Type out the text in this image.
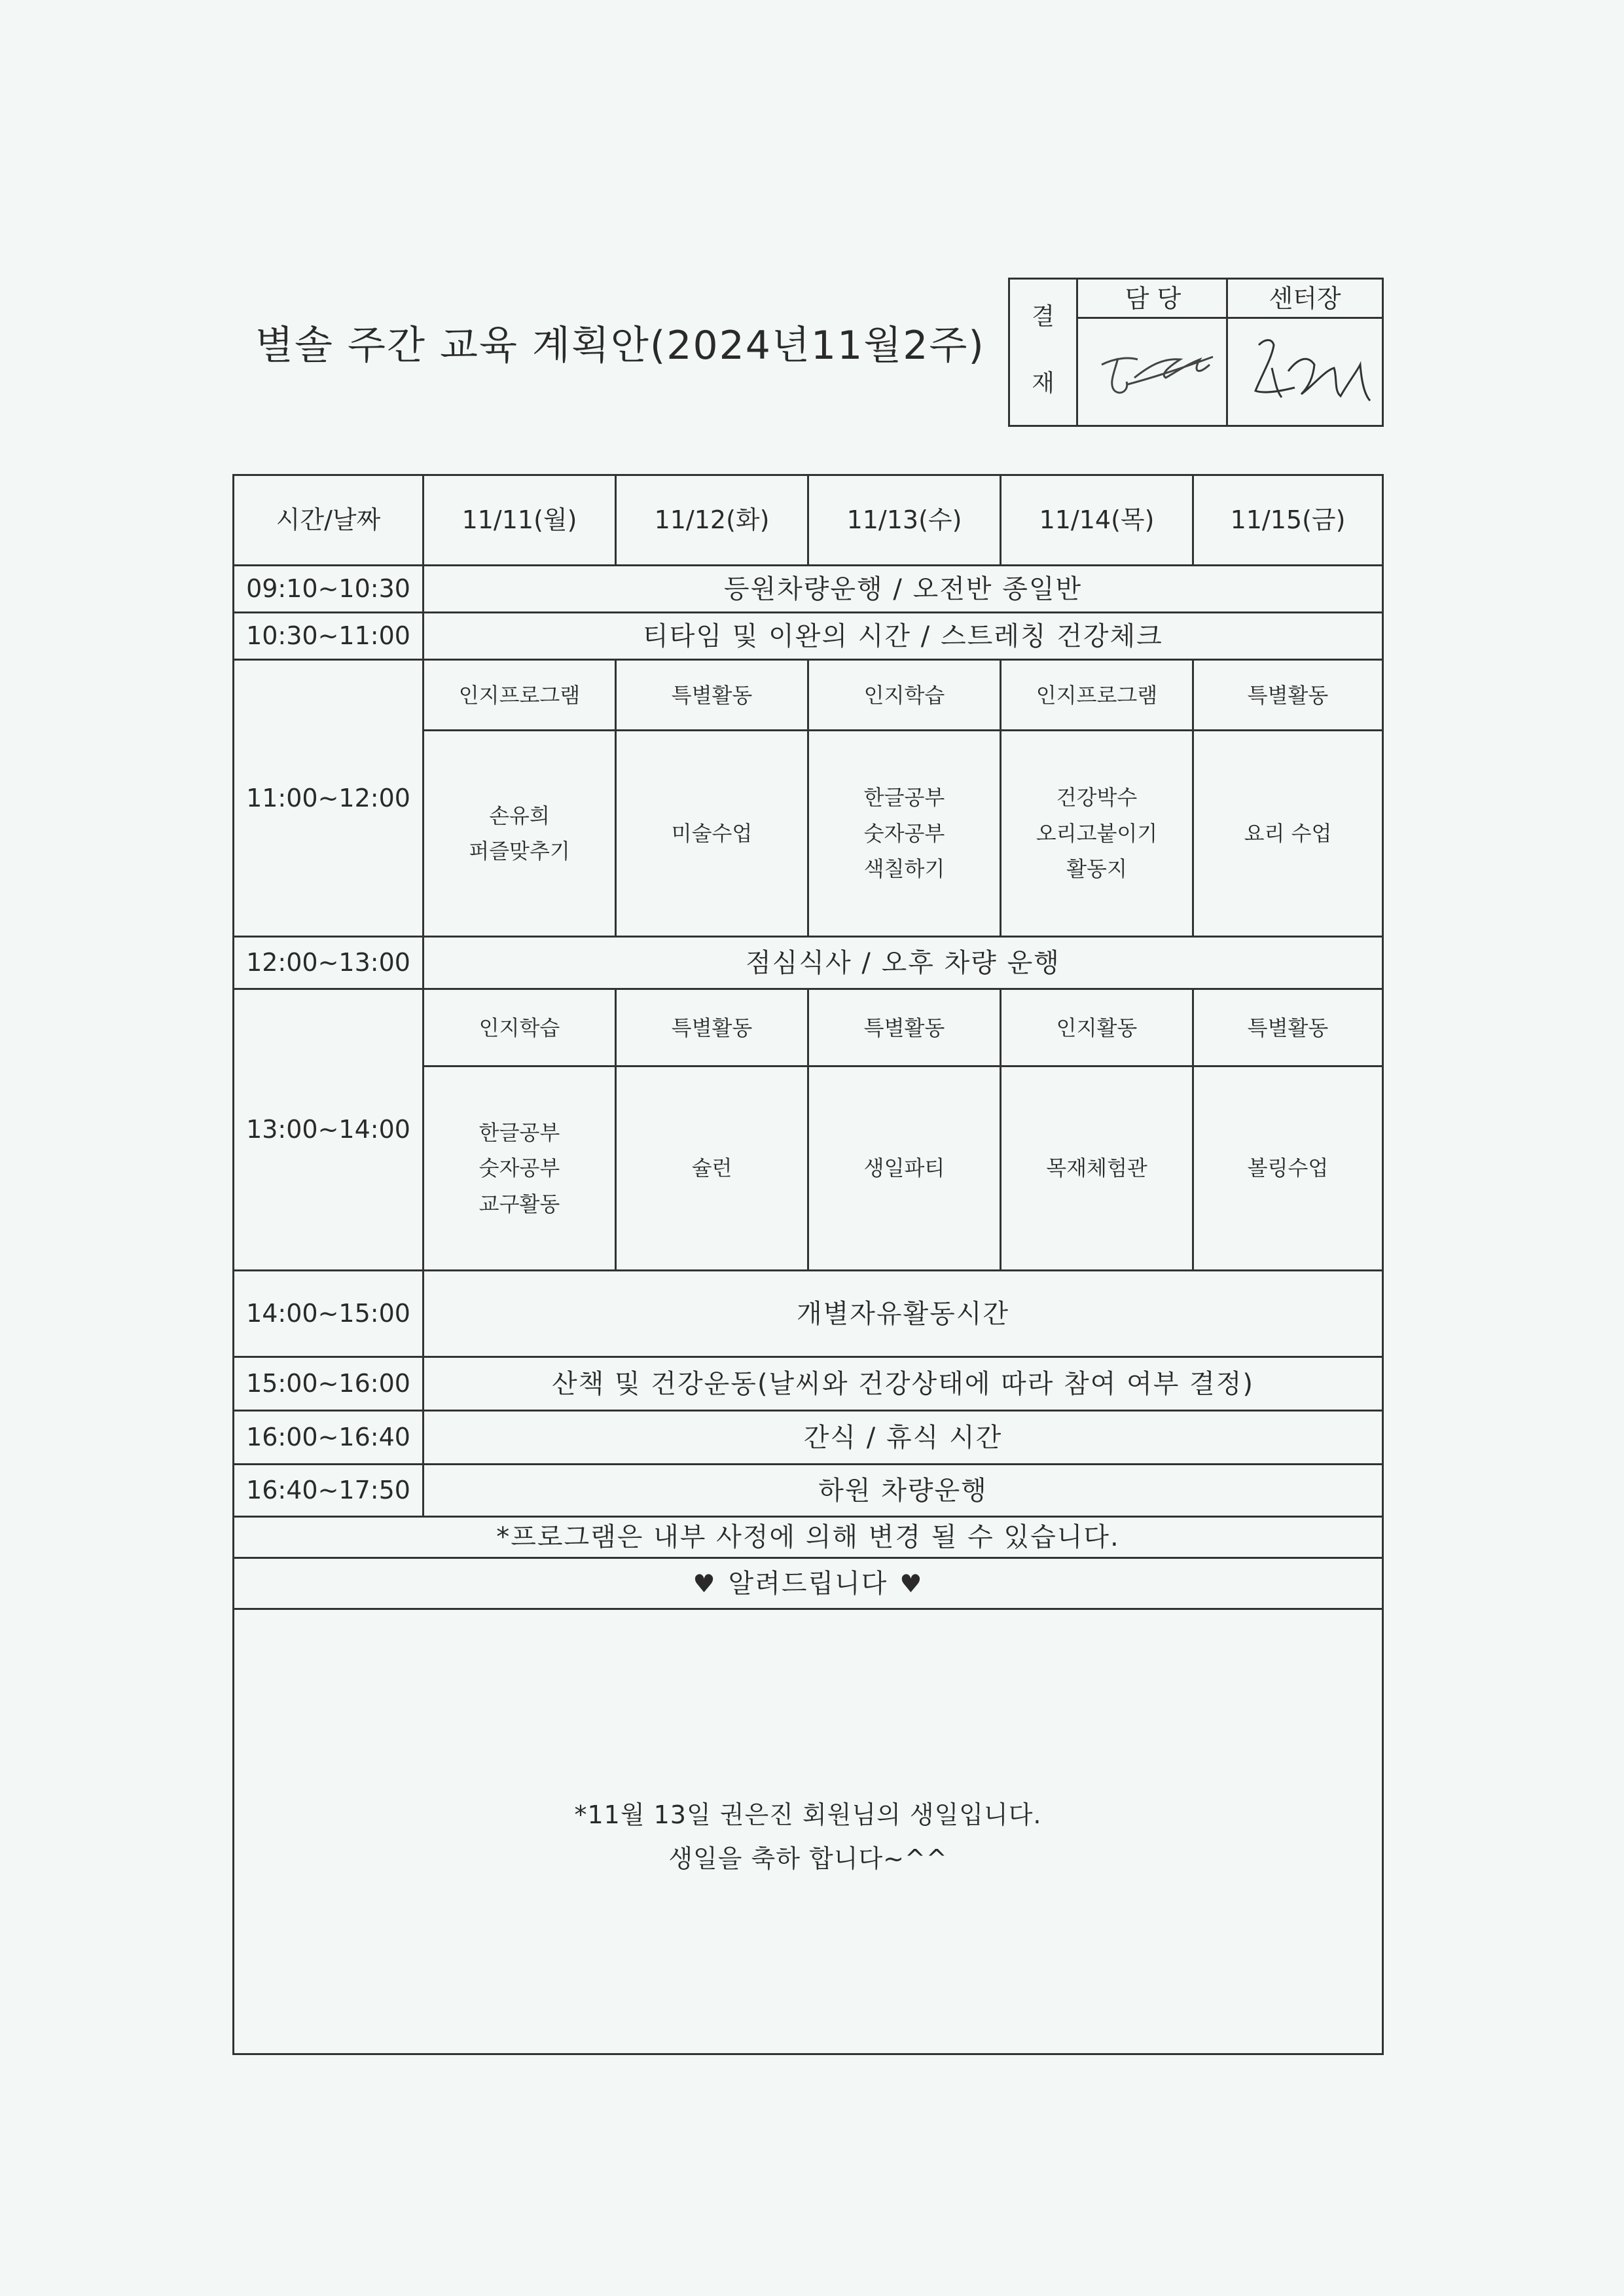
별솔 주간 교육 계획안(2024년11월2주)
결
재
담 당	센터장
시간/날짜	11/11(월)	11/12(화)	11/13(수)	11/14(목)	11/15(금)
09:10~10:30	등원차량운행 / 오전반 종일반				
10:30~11:00	티타임 및 이완의 시간 / 스트레칭 건강체크				
11:00~12:00	인지프로그램	특별활동	인지학습	인지프로그램	특별활동

	손유희
퍼즐맞추기	미술수업	한글공부
숫자공부
색칠하기	건강박수
오리고붙이기
활동지	요리 수업

12:00~13:00	점심식사 / 오후 차량 운행				
13:00~14:00	인지학습	특별활동	특별활동	인지활동	특별활동

	한글공부
숫자공부
교구활동	슐런	생일파티	목재체험관	볼링수업

14:00~15:00	개별자유활동시간				
15:00~16:00	산책 및 건강운동(날씨와 건강상태에 따라 참여 여부 결정)				
16:00~16:40	간식 / 휴식 시간				
16:40~17:50	하원 차량운행				
*프로그램은 내부 사정에 의해 변경 될 수 있습니다.					
♥ 알려드립니다 ♥					

*11월 13일 권은진 회원님의 생일입니다.
생일을 축하 합니다~^^					
